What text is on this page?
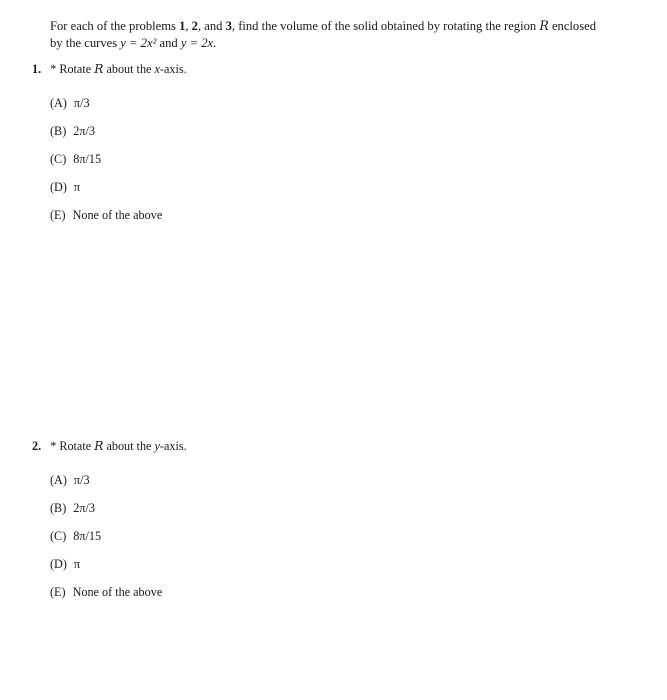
For each of the problems 1, 2, and 3, find the volume of the solid obtained by rotating the region R enclosed
by the curves y = 2x² and y = 2x.
1. * Rotate R about the x-axis.
(A) π/3
(B) 2π/3
(C) 8π/15
(D) π
(E) None of the above
2. * Rotate R about the y-axis.
(A) π/3
(B) 2π/3
(C) 8π/15
(D) π
(E) None of the above
